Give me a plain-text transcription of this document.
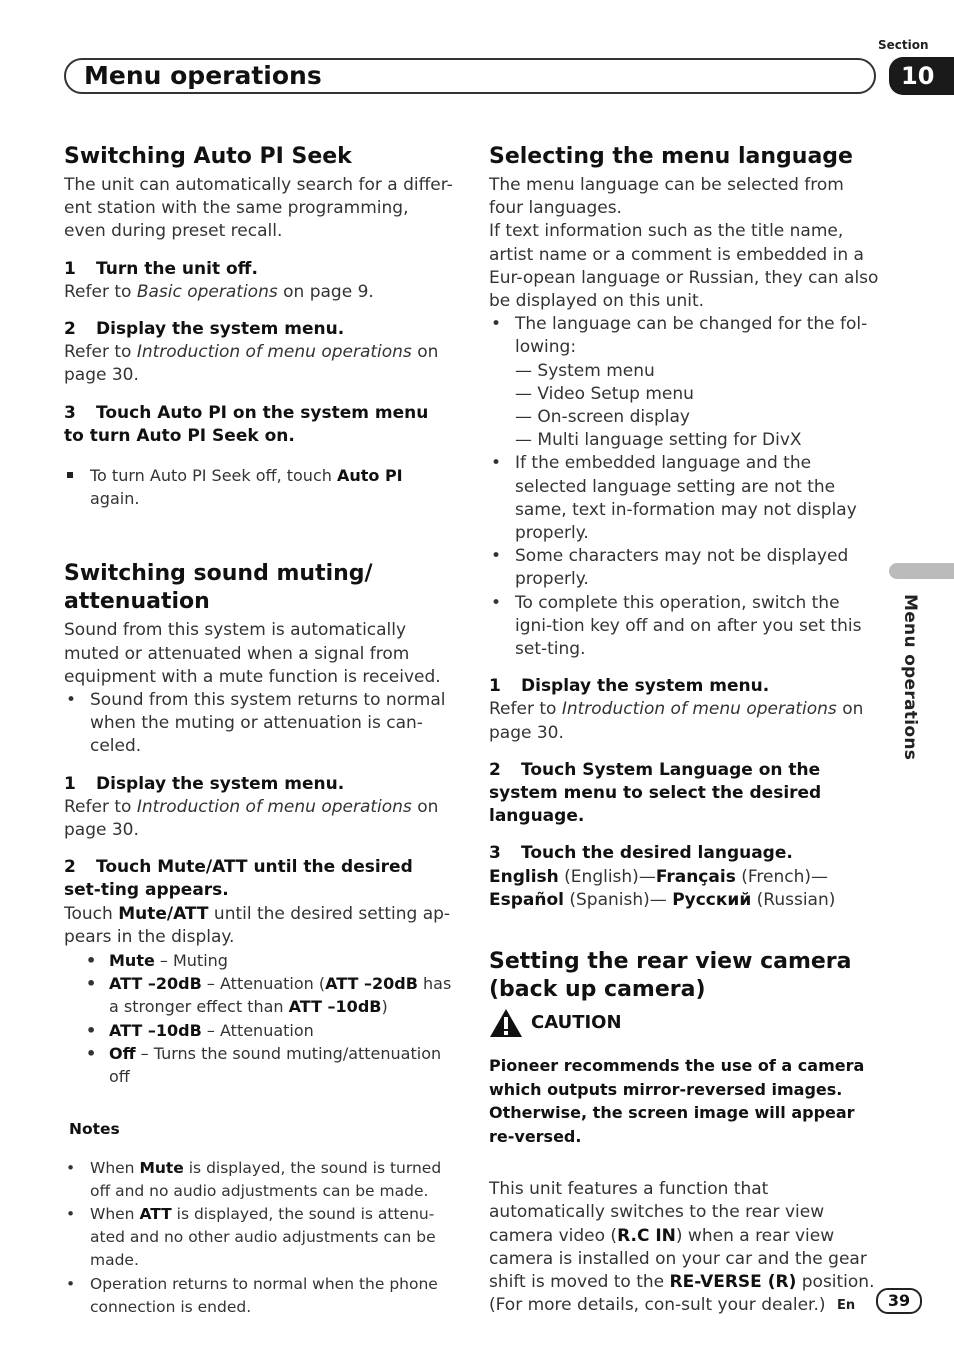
Section
Menu operations	10
Menu operations
Switching Auto PI Seek

The unit can automatically search for a differ-ent station with the same programming, even during preset recall.

1 Turn the unit off.

Refer to Basic operations on page 9.

2 Display the system menu.

Refer to Introduction of menu operations on page 30.

3 Touch Auto PI on the system menu to turn Auto PI Seek on.

To turn Auto PI Seek off, touch Auto PI again.

Switching sound muting/ attenuation

Sound from this system is automatically muted or attenuated when a signal from equipment with a mute function is received.

• Sound from this system returns to normal when the muting or attenuation is can-celed.

1 Display the system menu.

Refer to Introduction of menu operations on page 30.

2 Touch Mute/ATT until the desired set-ting appears.

Touch Mute/ATT until the desired setting ap-pears in the display.

• Mute – Muting
• ATT –20dB – Attenuation (ATT –20dB has a stronger effect than ATT –10dB)
• ATT –10dB – Attenuation
• Off – Turns the sound muting/attenuation off

Notes

• When Mute is displayed, the sound is turned off and no audio adjustments can be made.
• When ATT is displayed, the sound is attenu-ated and no other audio adjustments can be made.
• Operation returns to normal when the phone connection is ended.
Selecting the menu language

The menu language can be selected from four languages.

If text information such as the title name, artist name or a comment is embedded in a Eur-opean language or Russian, they can also be displayed on this unit.

• The language can be changed for the fol-lowing:
— System menu
— Video Setup menu
— On-screen display
— Multi language setting for DivX
• If the embedded language and the selected language setting are not the same, text in-formation may not display properly.
• Some characters may not be displayed properly.
• To complete this operation, switch the igni-tion key off and on after you set this set-ting.

1 Display the system menu.

Refer to Introduction of menu operations on page 30.

2 Touch System Language on the system menu to select the desired language.

3 Touch the desired language.

English (English)—Français (French)—Español (Spanish)— Русский (Russian)

Setting the rear view camera (back up camera)
CAUTION

Pioneer recommends the use of a camera which outputs mirror-reversed images. Otherwise, the screen image will appear re-versed.

This unit features a function that automatically switches to the rear view camera video (R.C IN) when a rear view camera is installed on your car and the gear shift is moved to the RE-VERSE (R) position. (For more details, con-sult your dealer.) En	39
